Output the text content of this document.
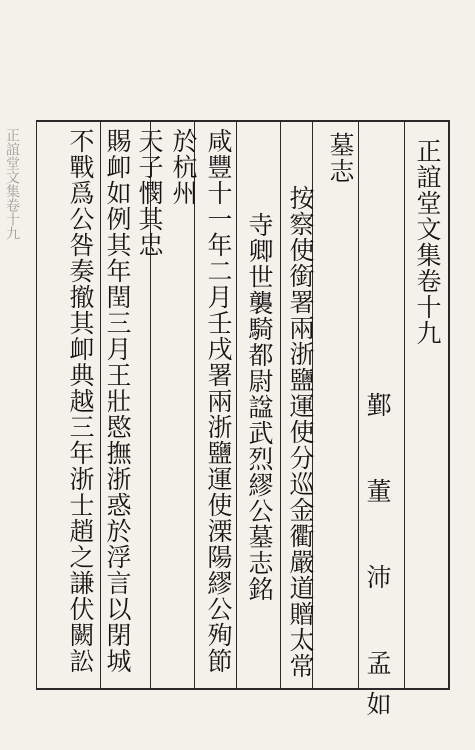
正誼堂文集卷十九	正誼堂文集卷十九
墓志
按察使銜署兩浙鹽運使分巡金衢嚴道贈太常
寺卿世襲騎都尉諡武烈繆公墓志銘
咸豐十一年二月壬戌署兩浙鹽運使溧陽繆公殉節
於杭州
天子憫其忠
賜卹如例其年閏三月王壯愍撫浙惑於浮言以閉城
不戰爲公咎奏撤其卹典越三年浙士趙之謙伏闕訟	鄞 董 沛 孟如
